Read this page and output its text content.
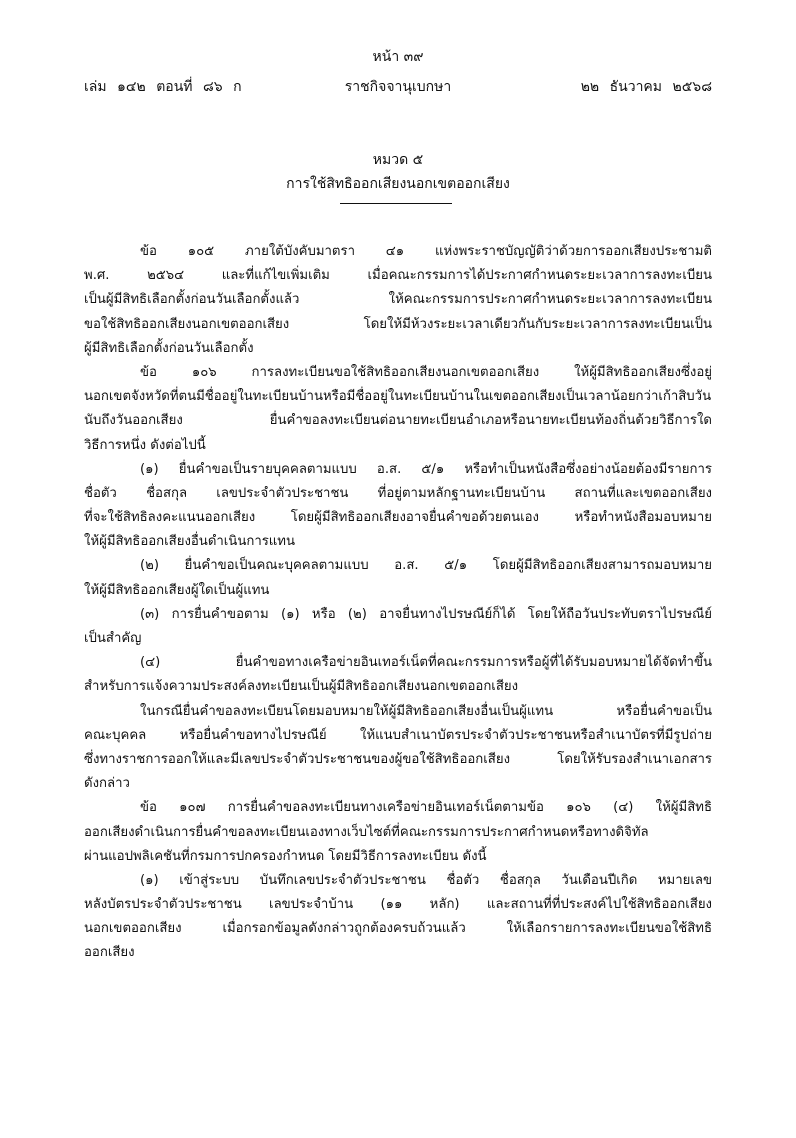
หน้า ๓๙
เล่ม ๑๔๒ ตอนที่ ๘๖ ก	ราชกิจจานุเบกษา	๒๒ ธันวาคม ๒๕๖๘
หมวด ๕
การใช้สิทธิออกเสียงนอกเขตออกเสียง
ข้อ ๑๐๕ ภายใต้บังคับมาตรา ๔๑ แห่งพระราชบัญญัติว่าด้วยการออกเสียงประชามติ
พ.ศ. ๒๕๖๔ และที่แก้ไขเพิ่มเติม เมื่อคณะกรรมการได้ประกาศกำหนดระยะเวลาการลงทะเบียน
เป็นผู้มีสิทธิเลือกตั้งก่อนวันเลือกตั้งแล้ว ให้คณะกรรมการประกาศกำหนดระยะเวลาการลงทะเบียน
ขอใช้สิทธิออกเสียงนอกเขตออกเสียง โดยให้มีห้วงระยะเวลาเดียวกันกับระยะเวลาการลงทะเบียนเป็น
ผู้มีสิทธิเลือกตั้งก่อนวันเลือกตั้ง
ข้อ ๑๐๖ การลงทะเบียนขอใช้สิทธิออกเสียงนอกเขตออกเสียง ให้ผู้มีสิทธิออกเสียงซึ่งอยู่
นอกเขตจังหวัดที่ตนมีชื่ออยู่ในทะเบียนบ้านหรือมีชื่ออยู่ในทะเบียนบ้านในเขตออกเสียงเป็นเวลาน้อยกว่าเก้าสิบวัน
นับถึงวันออกเสียง ยื่นคำขอลงทะเบียนต่อนายทะเบียนอำเภอหรือนายทะเบียนท้องถิ่นด้วยวิธีการใด
วิธีการหนึ่ง ดังต่อไปนี้
(๑) ยื่นคำขอเป็นรายบุคคลตามแบบ อ.ส. ๕/๑ หรือทำเป็นหนังสือซึ่งอย่างน้อยต้องมีรายการ
ชื่อตัว ชื่อสกุล เลขประจำตัวประชาชน ที่อยู่ตามหลักฐานทะเบียนบ้าน สถานที่และเขตออกเสียง
ที่จะใช้สิทธิลงคะแนนออกเสียง โดยผู้มีสิทธิออกเสียงอาจยื่นคำขอด้วยตนเอง หรือทำหนังสือมอบหมาย
ให้ผู้มีสิทธิออกเสียงอื่นดำเนินการแทน
(๒) ยื่นคำขอเป็นคณะบุคคลตามแบบ อ.ส. ๕/๑ โดยผู้มีสิทธิออกเสียงสามารถมอบหมาย
ให้ผู้มีสิทธิออกเสียงผู้ใดเป็นผู้แทน
(๓) การยื่นคำขอตาม (๑) หรือ (๒) อาจยื่นทางไปรษณีย์ก็ได้ โดยให้ถือวันประทับตราไปรษณีย์
เป็นสำคัญ
(๔) ยื่นคำขอทางเครือข่ายอินเทอร์เน็ตที่คณะกรรมการหรือผู้ที่ได้รับมอบหมายได้จัดทำขึ้น
สำหรับการแจ้งความประสงค์ลงทะเบียนเป็นผู้มีสิทธิออกเสียงนอกเขตออกเสียง
ในกรณียื่นคำขอลงทะเบียนโดยมอบหมายให้ผู้มีสิทธิออกเสียงอื่นเป็นผู้แทน หรือยื่นคำขอเป็น
คณะบุคคล หรือยื่นคำขอทางไปรษณีย์ ให้แนบสำเนาบัตรประจำตัวประชาชนหรือสำเนาบัตรที่มีรูปถ่าย
ซึ่งทางราชการออกให้และมีเลขประจำตัวประชาชนของผู้ขอใช้สิทธิออกเสียง โดยให้รับรองสำเนาเอกสาร
ดังกล่าว
ข้อ ๑๐๗ การยื่นคำขอลงทะเบียนทางเครือข่ายอินเทอร์เน็ตตามข้อ ๑๐๖ (๔) ให้ผู้มีสิทธิ
ออกเสียงดำเนินการยื่นคำขอลงทะเบียนเองทางเว็บไซต์ที่คณะกรรมการประกาศกำหนดหรือทางดิจิทัล
ผ่านแอปพลิเคชันที่กรมการปกครองกำหนด โดยมีวิธีการลงทะเบียน ดังนี้
(๑) เข้าสู่ระบบ บันทึกเลขประจำตัวประชาชน ชื่อตัว ชื่อสกุล วันเดือนปีเกิด หมายเลข
หลังบัตรประจำตัวประชาชน เลขประจำบ้าน (๑๑ หลัก) และสถานที่ที่ประสงค์ไปใช้สิทธิออกเสียง
นอกเขตออกเสียง เมื่อกรอกข้อมูลดังกล่าวถูกต้องครบถ้วนแล้ว ให้เลือกรายการลงทะเบียนขอใช้สิทธิ
ออกเสียง
